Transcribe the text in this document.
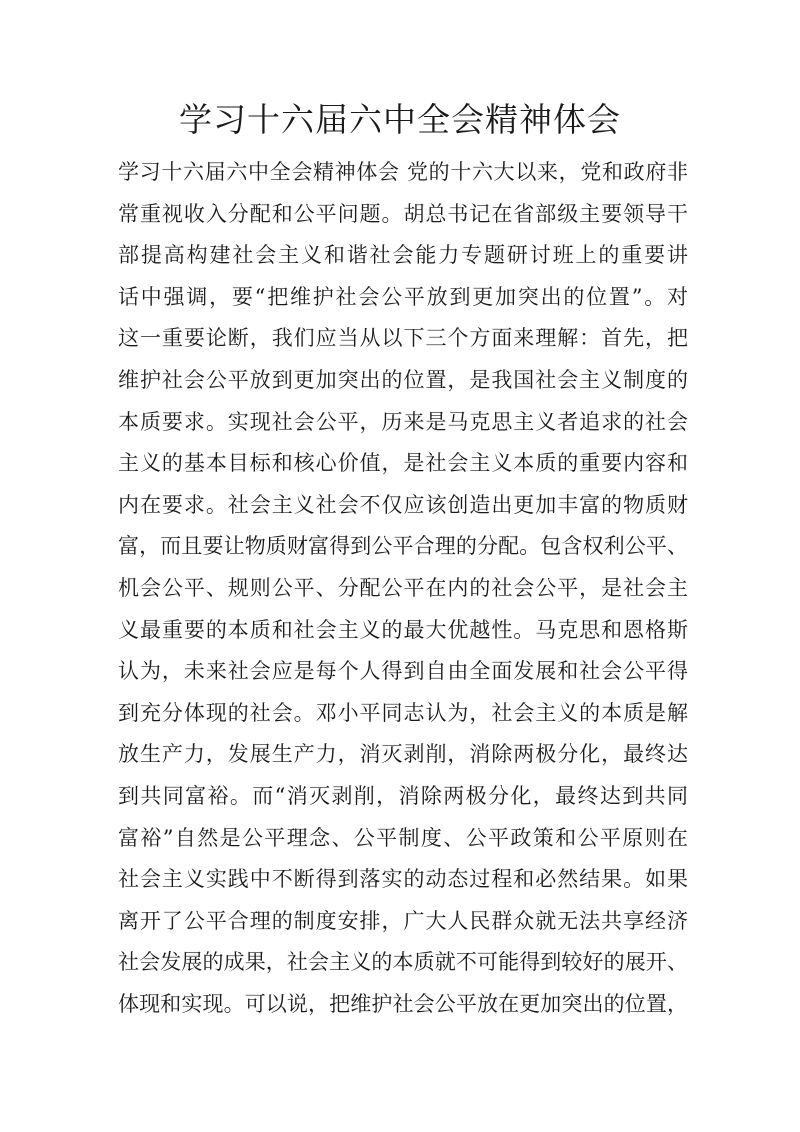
学习十六届六中全会精神体会
学习十六届六中全会精神体会 党的十六大以来，党和政府非
常重视收入分配和公平问题。胡总书记在省部级主要领导干
部提高构建社会主义和谐社会能力专题研讨班上的重要讲
话中强调，要“把维护社会公平放到更加突出的位置”。对
这一重要论断，我们应当从以下三个方面来理解：首先，把
维护社会公平放到更加突出的位置，是我国社会主义制度的
本质要求。实现社会公平，历来是马克思主义者追求的社会
主义的基本目标和核心价值，是社会主义本质的重要内容和
内在要求。社会主义社会不仅应该创造出更加丰富的物质财
富，而且要让物质财富得到公平合理的分配。包含权利公平、
机会公平、规则公平、分配公平在内的社会公平，是社会主
义最重要的本质和社会主义的最大优越性。马克思和恩格斯
认为，未来社会应是每个人得到自由全面发展和社会公平得
到充分体现的社会。邓小平同志认为，社会主义的本质是解
放生产力，发展生产力，消灭剥削，消除两极分化，最终达
到共同富裕。而“消灭剥削，消除两极分化，最终达到共同
富裕”自然是公平理念、公平制度、公平政策和公平原则在
社会主义实践中不断得到落实的动态过程和必然结果。如果
离开了公平合理的制度安排，广大人民群众就无法共享经济
社会发展的成果，社会主义的本质就不可能得到较好的展开、
体现和实现。可以说，把维护社会公平放在更加突出的位置，
